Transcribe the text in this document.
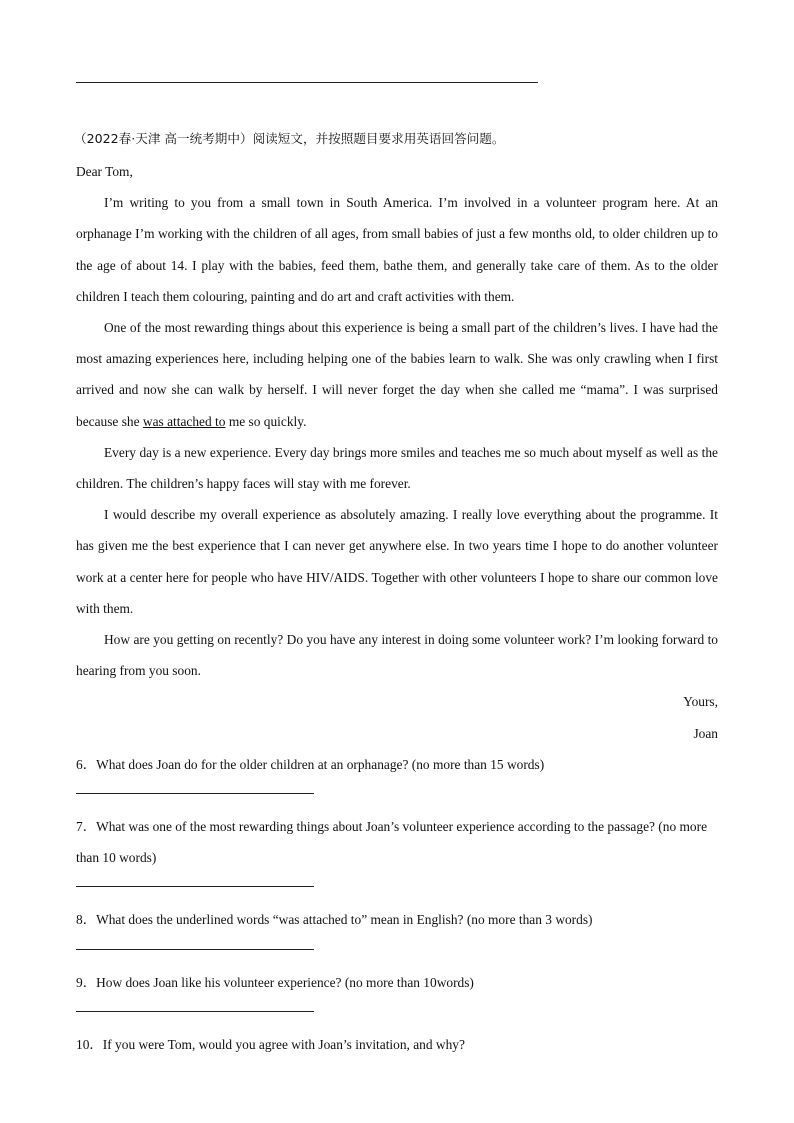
（2022春·天津 高一统考期中）阅读短文，并按照题目要求用英语回答问题。

Dear Tom,

I’m writing to you from a small town in South America. I’m involved in a volunteer program here. At an orphanage I’m working with the children of all ages, from small babies of just a few months old, to older children up to the age of about 14. I play with the babies, feed them, bathe them, and generally take care of them. As to the older children I teach them colouring, painting and do art and craft activities with them.

One of the most rewarding things about this experience is being a small part of the children’s lives. I have had the most amazing experiences here, including helping one of the babies learn to walk. She was only crawling when I first arrived and now she can walk by herself. I will never forget the day when she called me “mama”. I was surprised because she was attached to me so quickly.

Every day is a new experience. Every day brings more smiles and teaches me so much about myself as well as the children. The children’s happy faces will stay with me forever.

I would describe my overall experience as absolutely amazing. I really love everything about the programme. It has given me the best experience that I can never get anywhere else. In two years time I hope to do another volunteer work at a center here for people who have HIV/AIDS. Together with other volunteers I hope to share our common love with them.

How are you getting on recently? Do you have any interest in doing some volunteer work? I’m looking forward to hearing from you soon.

Yours,

Joan

6．What does Joan do for the older children at an orphanage? (no more than 15 words)

7．What was one of the most rewarding things about Joan’s volunteer experience according to the passage? (no more than 10 words)

8．What does the underlined words “was attached to” mean in English? (no more than 3 words)

9．How does Joan like his volunteer experience? (no more than 10words)

10．If you were Tom, would you agree with Joan’s invitation, and why?
